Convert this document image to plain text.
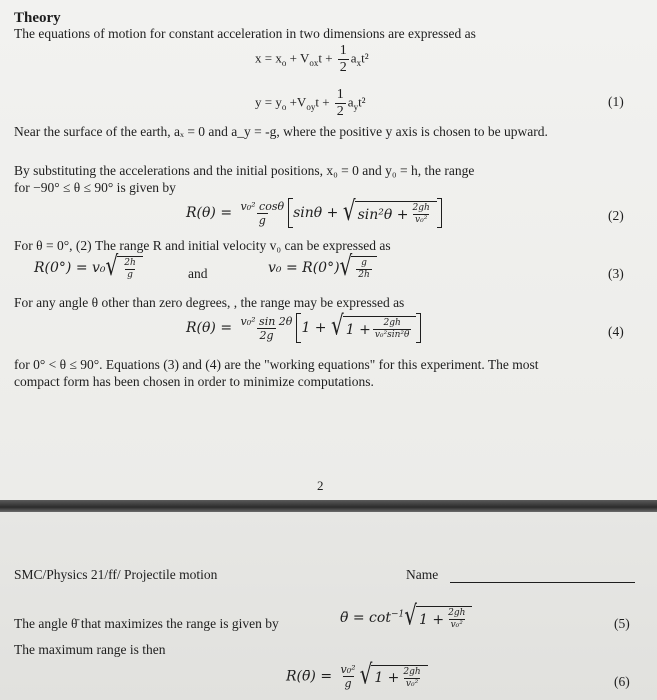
Theory
The equations of motion for constant acceleration in two dimensions are expressed as
$x = x_o + V_{ox}t + \frac{1}{2} a_xt^2$
$y = y_o +V_{oy}t + \frac{1}{2} a_yt^2$	(1)
Near the surface of the earth, aₓ = 0 and a_y = -g, where the positive y axis is chosen to be upward.
By substituting the accelerations and the initial positions, x₀ = 0 and y₀ = h, the range
for −90° ≤ θ ≤ 90° is given by
$R(\theta) = \frac{\text{v₀² cosθ}}{g}$ sinθ + √ $\sin^2\theta + \frac{2gh}{\text{v₀²}}$	(2)
For θ = 0°, (2) The range R and initial velocity v₀ can be expressed as
R(0°) = v₀ √ $\frac{2h}{g}$	and	v₀ = R(0°) √ $\frac{g}{2h}$	(3)
For any angle θ other than zero degrees, , the range may be expressed as
$R(\theta) = \frac{\text{v₀² sin 2θ}}{2g} 1$ + √ $1 + \frac{2gh}{\text{v₀²sin²θ}}$	(4)
for 0° < θ ≤ 90°. Equations (3) and (4) are the "working equations" for this experiment. The most
compact form has been chosen in order to minimize computations.
2
SMC/Physics 21/ff/ Projectile motion	Name
The angle θ̄ that maximizes the range is given by	θ̄ = $\cot^{-1}$ √ $1 + \frac{2gh}{\text{v₀²}}$	(5)
The maximum range is then
R(θ̄) = $\frac{\text{v₀²}}{g}$ √ $1 + \frac{2gh}{\text{v₀²}}$	(6)
